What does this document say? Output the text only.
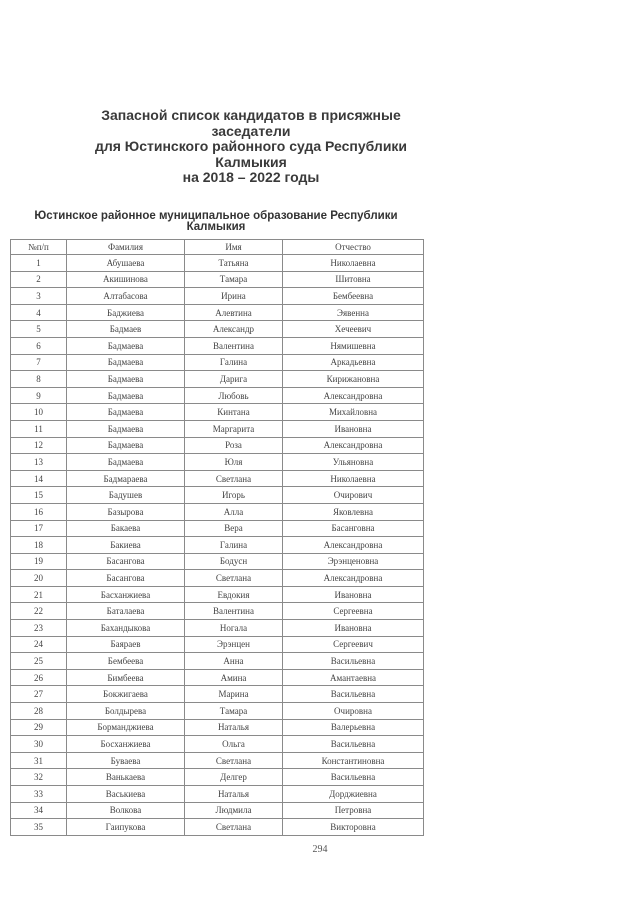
Запасной список кандидатов в присяжные
заседатели
для Юстинского районного суда Республики
Калмыкия
на 2018 – 2022 годы
Юстинское районное муниципальное образование Республики
Калмыкия
№п/п	Фамилия	Имя	Отчество
1	Абушаева	Татьяна	Николаевна
2	Акишинова	Тамара	Шитовна
3	Алтабасова	Ирина	Бембеевна
4	Баджиева	Алевтина	Эявенна
5	Бадмаев	Александр	Хечеевич
6	Бадмаева	Валентина	Нямишевна
7	Бадмаева	Галина	Аркадьевна
8	Бадмаева	Дарига	Кирижановна
9	Бадмаева	Любовь	Александровна
10	Бадмаева	Кинтана	Михайловна
11	Бадмаева	Маргарита	Ивановна
12	Бадмаева	Роза	Александровна
13	Бадмаева	Юля	Ульяновна
14	Бадмараева	Светлана	Николаевна
15	Бадушев	Игорь	Очирович
16	Базырова	Алла	Яковлевна
17	Бакаева	Вера	Басанговна
18	Бакиева	Галина	Александровна
19	Басангова	Бодусн	Эрэнценовна
20	Басангова	Светлана	Александровна
21	Басханжиева	Евдокия	Ивановна
22	Баталаева	Валентина	Сергеевна
23	Бахандыкова	Ногала	Ивановна
24	Баяраев	Эрэнцен	Сергеевич
25	Бембеева	Анна	Васильевна
26	Бимбеева	Амина	Амантаевна
27	Бокжигаева	Марина	Васильевна
28	Болдырева	Тамара	Очировна
29	Борманджиева	Наталья	Валерьевна
30	Босханжиева	Ольга	Васильевна
31	Буваева	Светлана	Константиновна
32	Ванькаева	Делгер	Васильевна
33	Васькиева	Наталья	Дорджиевна
34	Волкова	Людмила	Петровна
35	Гаипукова	Светлана	Викторовна
294
